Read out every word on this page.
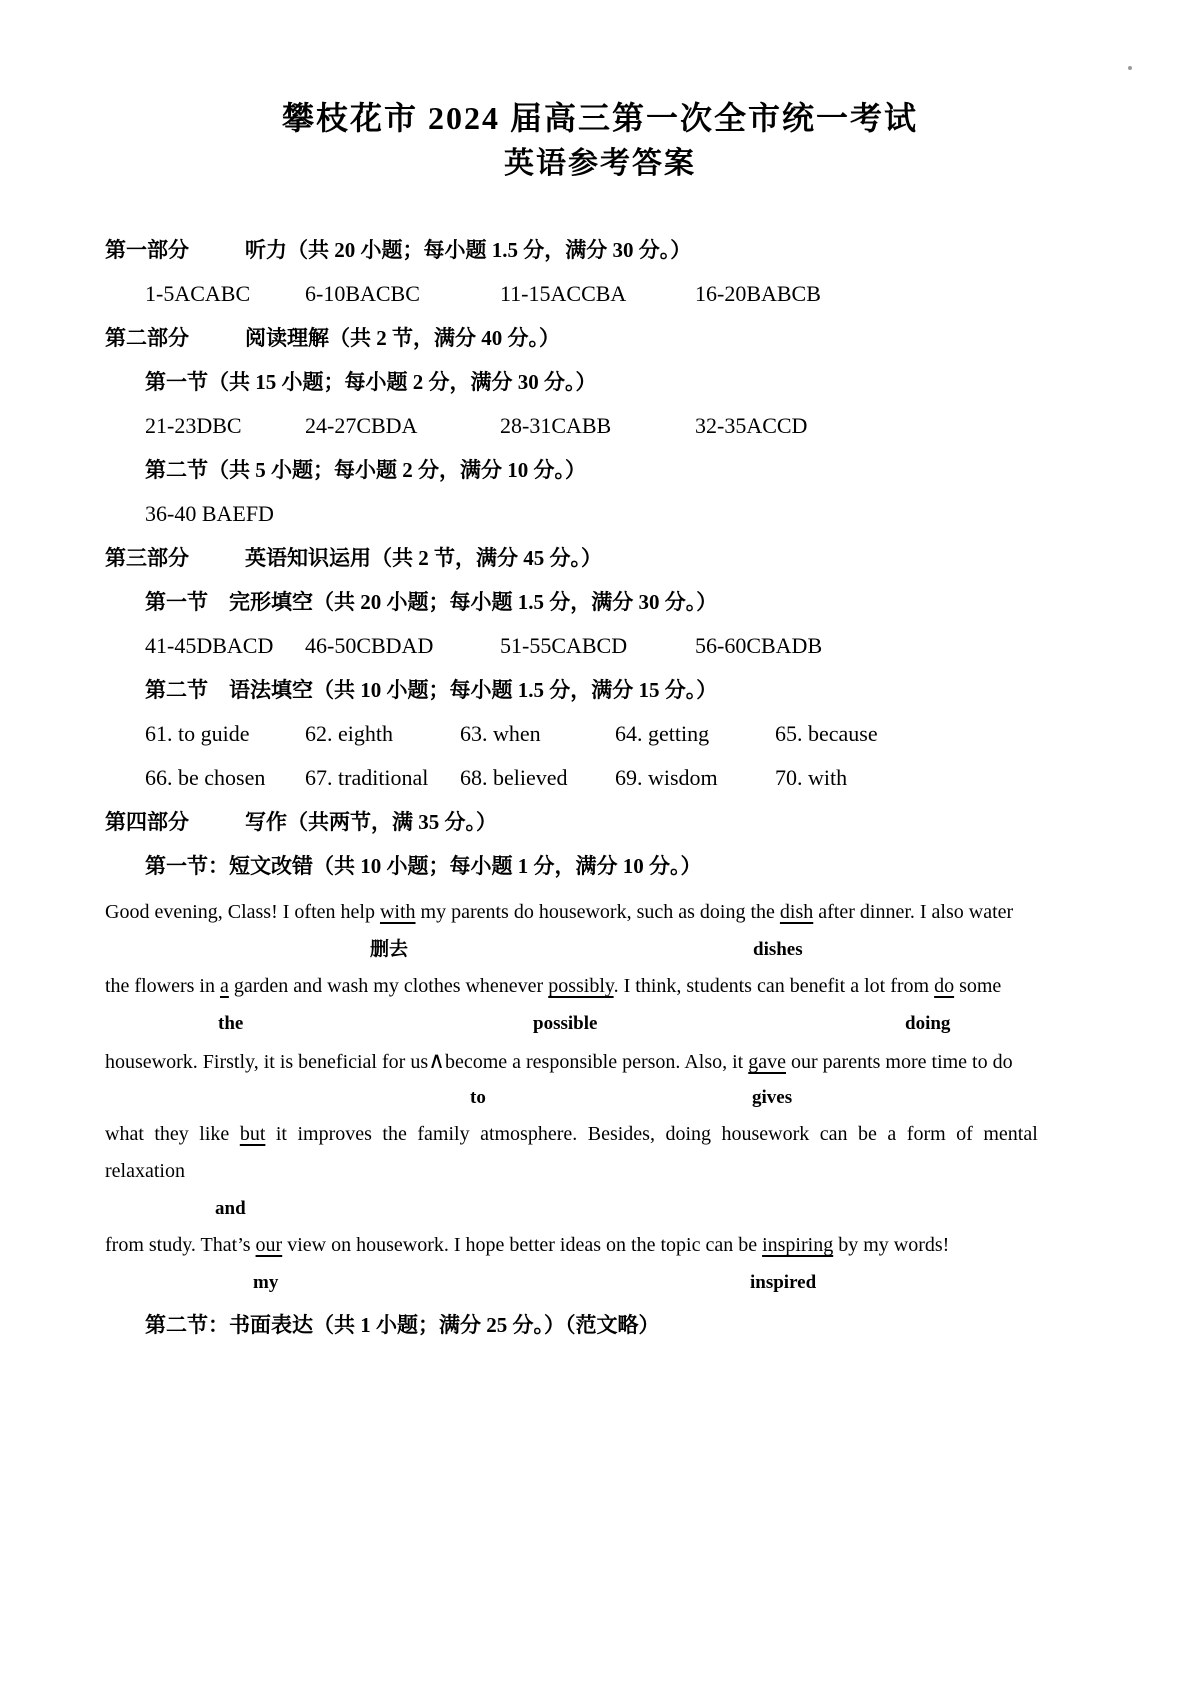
攀枝花市 2024 届高三第一次全市统一考试
英语参考答案
第一部分	听力（共 20 小题；每小题 1.5 分，满分 30 分。）
1-5ACABC	6-10BACBC	11-15ACCBA	16-20BABCB
第二部分	阅读理解（共 2 节，满分 40 分。）
第一节（共 15 小题；每小题 2 分，满分 30 分。）
21-23DBC	24-27CBDA	28-31CABB	32-35ACCD
第二节（共 5 小题；每小题 2 分，满分 10 分。）
36-40 BAEFD
第三部分	英语知识运用（共 2 节，满分 45 分。）
第一节　完形填空（共 20 小题；每小题 1.5 分，满分 30 分。）
41-45DBACD	46-50CBDAD	51-55CABCD	56-60CBADB
第二节　语法填空（共 10 小题；每小题 1.5 分，满分 15 分。）
61. to guide	62. eighth	63. when	64. getting	65. because
66. be chosen	67. traditional	68. believed	69. wisdom	70. with
第四部分	写作（共两节，满 35 分。）
第一节：短文改错（共 10 小题；每小题 1 分，满分 10 分。）
Good evening, Class! I often help with my parents do housework, such as doing the dish after dinner. I also water
删去	dishes
the flowers in a garden and wash my clothes whenever possibly. I think, students can benefit a lot from do some
the	possible	doing
housework. Firstly, it is beneficial for us∧become a responsible person. Also, it gave our parents more time to do
to	gives
what they like but it improves the family atmosphere. Besides, doing housework can be a form of mental
relaxation
and
from study. That’s our view on housework. I hope better ideas on the topic can be inspiring by my words!
my	inspired
第二节：书面表达（共 1 小题；满分 25 分。）（范文略）
